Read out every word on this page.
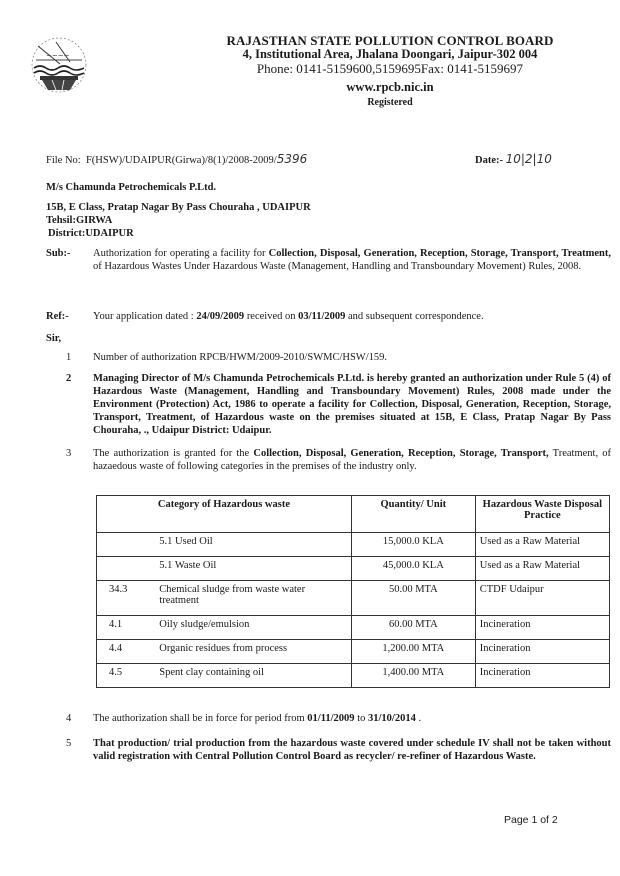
~~~~
RAJASTHAN STATE POLLUTION CONTROL BOARD
4, Institutional Area, Jhalana Doongari, Jaipur-302 004
Phone: 0141-5159600,5159695Fax: 0141-5159697
www.rpcb.nic.in
Registered
File No: F(HSW)/UDAIPUR(Girwa)/8(1)/2008-2009/5396	Date:- 10|2|10
M/s Chamunda Petrochemicals P.Ltd.
15B, E Class, Pratap Nagar By Pass Chouraha , UDAIPUR
Tehsil:GIRWA
District:UDAIPUR
Sub:- Authorization for operating a facility for Collection, Disposal, Generation, Reception, Storage, Transport, Treatment, of Hazardous Wastes Under Hazardous Waste (Management, Handling and Transboundary Movement) Rules, 2008.
Ref:- Your application dated : 24/09/2009 received on 03/11/2009 and subsequent correspondence.
Sir,
1	Number of authorization RPCB/HWM/2009-2010/SWMC/HSW/159.
2	Managing Director of M/s Chamunda Petrochemicals P.Ltd. is hereby granted an authorization under Rule 5 (4) of Hazardous Waste (Management, Handling and Transboundary Movement) Rules, 2008 made under the Environment (Protection) Act, 1986 to operate a facility for Collection, Disposal, Generation, Reception, Storage, Transport, Treatment, of Hazardous waste on the premises situated at 15B, E Class, Pratap Nagar By Pass Chouraha, ., Udaipur District: Udaipur.
3	The authorization is granted for the Collection, Disposal, Generation, Reception, Storage, Transport, Treatment, of hazaedous waste of following categories in the premises of the industry only.
Category of Hazardous waste		Quantity/ Unit	Hazardous Waste Disposal Practice
	5.1 Used Oil	15,000.0 KLA	Used as a Raw Material
	5.1 Waste Oil	45,000.0 KLA	Used as a Raw Material
34.3	Chemical sludge from waste water treatment	50.00 MTA	CTDF Udaipur
4.1	Oily sludge/emulsion	60.00 MTA	Incineration
4.4	Organic residues from process	1,200.00 MTA	Incineration
4.5	Spent clay containing oil	1,400.00 MTA	Incineration
4	The authorization shall be in force for period from 01/11/2009 to 31/10/2014 .
5	That production/ trial production from the hazardous waste covered under schedule IV shall not be taken without valid registration with Central Pollution Control Board as recycler/ re-refiner of Hazardous Waste.
Page 1 of 2
